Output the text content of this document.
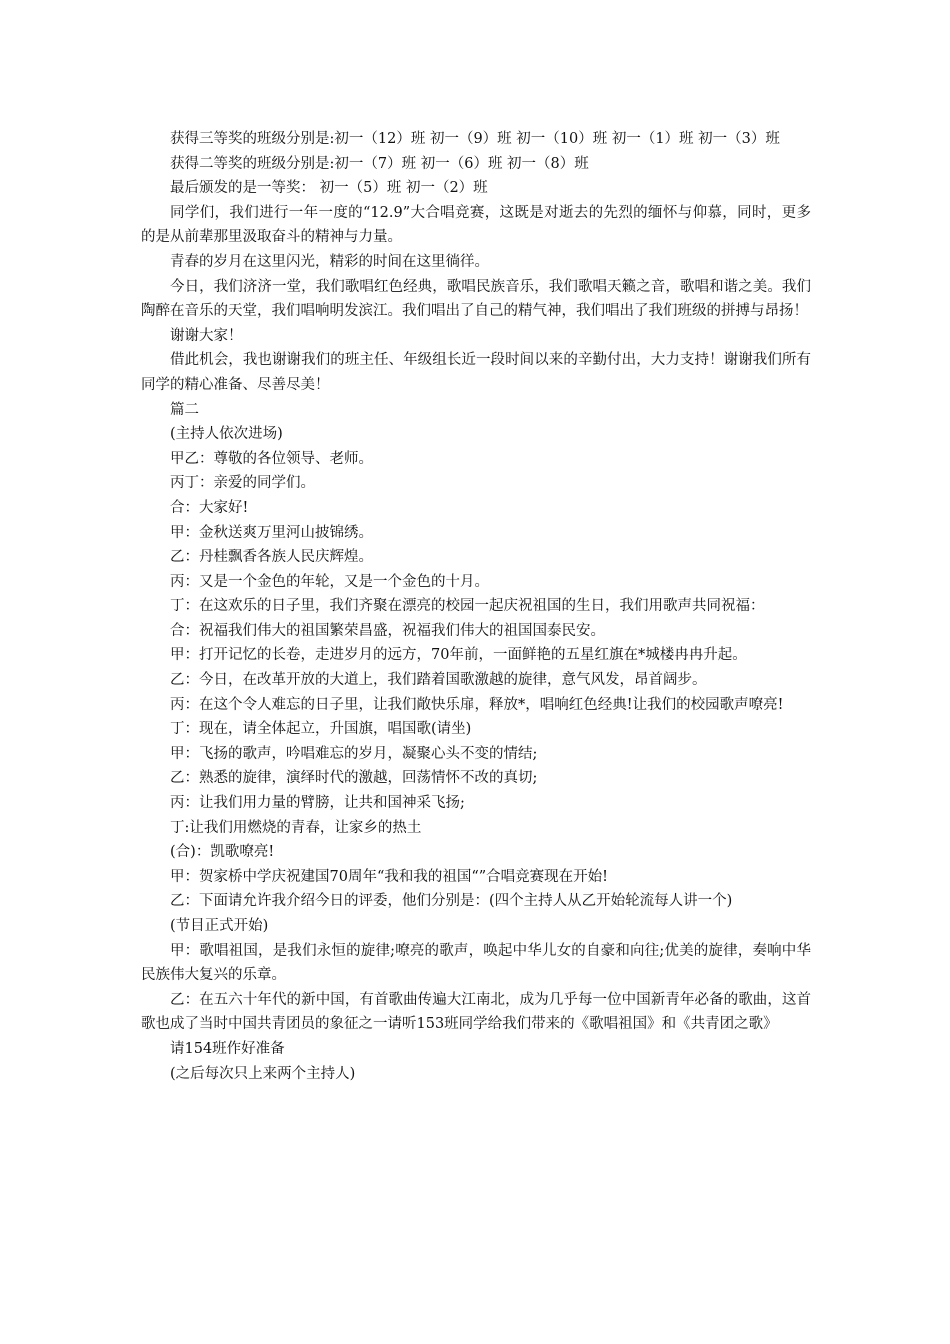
获得三等奖的班级分别是:初一（12）班 初一（9）班 初一（10）班 初一（1）班 初一（3）班

获得二等奖的班级分别是:初一（7）班 初一（6）班 初一（8）班

最后颁发的是一等奖： 初一（5）班 初一（2）班

同学们，我们进行一年一度的“12.9”大合唱竞赛，这既是对逝去的先烈的缅怀与仰慕，同时，更多的是从前辈那里汲取奋斗的精神与力量。

青春的岁月在这里闪光，精彩的时间在这里徜徉。

今日，我们济济一堂，我们歌唱红色经典，歌唱民族音乐，我们歌唱天籁之音，歌唱和谐之美。我们陶醉在音乐的天堂，我们唱响明发滨江。我们唱出了自己的精气神，我们唱出了我们班级的拼搏与昂扬！

谢谢大家！

借此机会，我也谢谢我们的班主任、年级组长近一段时间以来的辛勤付出，大力支持！谢谢我们所有同学的精心准备、尽善尽美！

篇二

(主持人依次进场)

甲乙：尊敬的各位领导、老师。

丙丁：亲爱的同学们。

合：大家好!

甲：金秋送爽万里河山披锦绣。

乙：丹桂飘香各族人民庆辉煌。

丙：又是一个金色的年轮，又是一个金色的十月。

丁：在这欢乐的日子里，我们齐聚在漂亮的校园一起庆祝祖国的生日，我们用歌声共同祝福：

合：祝福我们伟大的祖国繁荣昌盛，祝福我们伟大的祖国国泰民安。

甲：打开记忆的长卷，走进岁月的远方，70年前，一面鲜艳的五星红旗在*城楼冉冉升起。

乙：今日，在改革开放的大道上，我们踏着国歌激越的旋律，意气风发，昂首阔步。

丙：在这个令人难忘的日子里，让我们敞快乐扉，释放*，唱响红色经典!让我们的校园歌声嘹亮!

丁：现在，请全体起立，升国旗，唱国歌(请坐)

甲：飞扬的歌声，吟唱难忘的岁月，凝聚心头不变的情结;

乙：熟悉的旋律，演绎时代的激越，回荡情怀不改的真切;

丙：让我们用力量的臂膀，让共和国神采飞扬;

丁:让我们用燃烧的青春，让家乡的热土

(合)：凯歌嘹亮!

甲：贺家桥中学庆祝建国70周年“我和我的祖国“”合唱竞赛现在开始!

乙：下面请允许我介绍今日的评委，他们分别是：(四个主持人从乙开始轮流每人讲一个)

(节目正式开始)

甲：歌唱祖国，是我们永恒的旋律;嘹亮的歌声，唤起中华儿女的自豪和向往;优美的旋律，奏响中华民族伟大复兴的乐章。

乙：在五六十年代的新中国，有首歌曲传遍大江南北，成为几乎每一位中国新青年必备的歌曲，这首歌也成了当时中国共青团员的象征之一请听153班同学给我们带来的《歌唱祖国》和《共青团之歌》

请154班作好准备

(之后每次只上来两个主持人)
